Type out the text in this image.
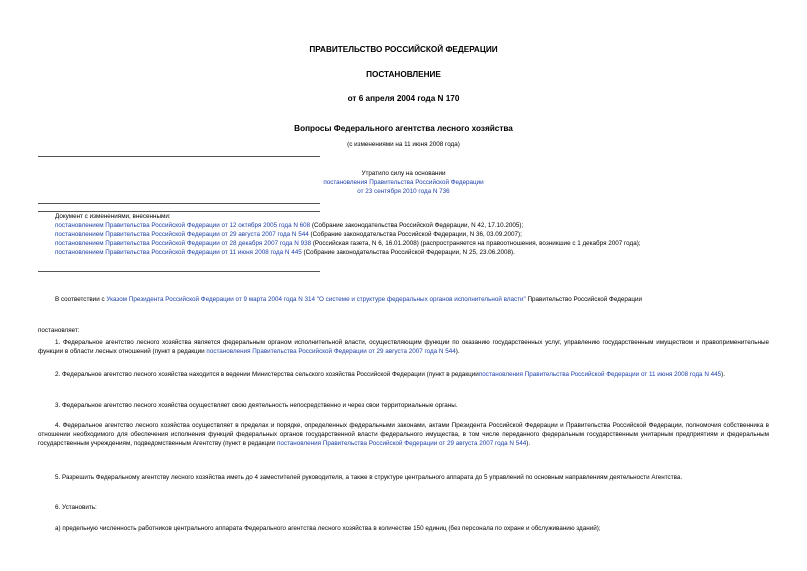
ПРАВИТЕЛЬСТВО РОССИЙСКОЙ ФЕДЕРАЦИИ
ПОСТАНОВЛЕНИЕ
от 6 апреля 2004 года N 170
Вопросы Федерального агентства лесного хозяйства
(с изменениями на 11 июня 2008 года)
Утратило силу на основании
постановления Правительства Российской Федерации
от 23 сентября 2010 года N 736
Документ с изменениями, внесенными:
постановлением Правительства Российской Федерации от 12 октября 2005 года N 608 (Собрание законодательства Российской Федерации, N 42, 17.10.2005);
постановлением Правительства Российской Федерации от 29 августа 2007 года N 544 (Собрание законодательства Российской Федерации, N 36, 03.09.2007);
постановлением Правительства Российской Федерации от 28 декабря 2007 года N 938 (Российская газета, N 6, 16.01.2008) (распространяется на правоотношения, возникшие с 1 декабря 2007 года);
постановлением Правительства Российской Федерации от 11 июня 2008 года N 445 (Собрание законодательства Российской Федерации, N 25, 23.06.2008).
В соответствии с Указом Президента Российской Федерации от 9 марта 2004 года N 314 "О системе и структуре федеральных органов исполнительной власти" Правительство Российской Федерации
постановляет:
1. Федеральное агентство лесного хозяйства является федеральным органом исполнительной власти, осуществляющим функции по оказанию государственных услуг, управлению государственным имуществом и правоприменительные функции в области лесных отношений (пункт в редакции постановления Правительства Российской Федерации от 29 августа 2007 года N 544).
2. Федеральное агентство лесного хозяйства находится в ведении Министерства сельского хозяйства Российской Федерации (пункт в редакциипостановления Правительства Российской Федерации от 11 июня 2008 года N 445).
3. Федеральное агентство лесного хозяйства осуществляет свою деятельность непосредственно и через свои территориальные органы.
4. Федеральное агентство лесного хозяйства осуществляет в пределах и порядке, определенных федеральными законами, актами Президента Российской Федерации и Правительства Российской Федерации, полномочия собственника в отношении необходимого для обеспечения исполнения функций федеральных органов государственной власти федерального имущества, в том числе переданного федеральным государственным унитарным предприятиям и федеральным государственным учреждениям, подведомственным Агентству (пункт в редакции постановления Правительства Российской Федерации от 29 августа 2007 года N 544).
5. Разрешить Федеральному агентству лесного хозяйства иметь до 4 заместителей руководителя, а также в структуре центрального аппарата до 5 управлений по основным направлениям деятельности Агентства.
6. Установить:
а) предельную численность работников центрального аппарата Федерального агентства лесного хозяйства в количестве 150 единиц (без персонала по охране и обслуживанию зданий);
